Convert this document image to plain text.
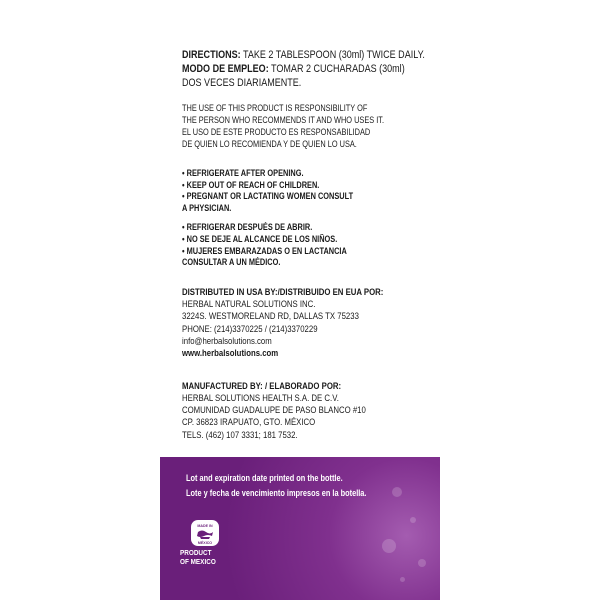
DIRECTIONS: TAKE 2 TABLESPOON (30ml) TWICE DAILY.
MODO DE EMPLEO: TOMAR 2 CUCHARADAS (30ml)
DOS VECES DIARIAMENTE.
THE USE OF THIS PRODUCT IS RESPONSIBILITY OF
THE PERSON WHO RECOMMENDS IT AND WHO USES IT.
EL USO DE ESTE PRODUCTO ES RESPONSABILIDAD
DE QUIEN LO RECOMIENDA Y DE QUIEN LO USA.
• REFRIGERATE AFTER OPENING.
• KEEP OUT OF REACH OF CHILDREN.
• PREGNANT OR LACTATING WOMEN CONSULT
A PHYSICIAN.
• REFRIGERAR DESPUÉS DE ABRIR.
• NO SE DEJE AL ALCANCE DE LOS NIÑOS.
• MUJERES EMBARAZADAS O EN LACTANCIA
CONSULTAR A UN MÉDICO.
DISTRIBUTED IN USA BY:/DISTRIBUIDO EN EUA POR:
HERBAL NATURAL SOLUTIONS INC.
3224S. WESTMORELAND RD, DALLAS TX 75233
PHONE: (214)3370225 / (214)3370229
info@herbalsolutions.com
www.herbalsolutions.com
MANUFACTURED BY: / ELABORADO POR:
HERBAL SOLUTIONS HEALTH S.A. DE C.V.
COMUNIDAD GUADALUPE DE PASO BLANCO #10
CP. 36823 IRAPUATO, GTO. MÉXICO
TELS. (462) 107 3331; 181 7532.
Lot and expiration date printed on the bottle.
Lote y fecha de vencimiento impresos en la botella.
MADE IN
MÉXICO
PRODUCT
OF MEXICO
